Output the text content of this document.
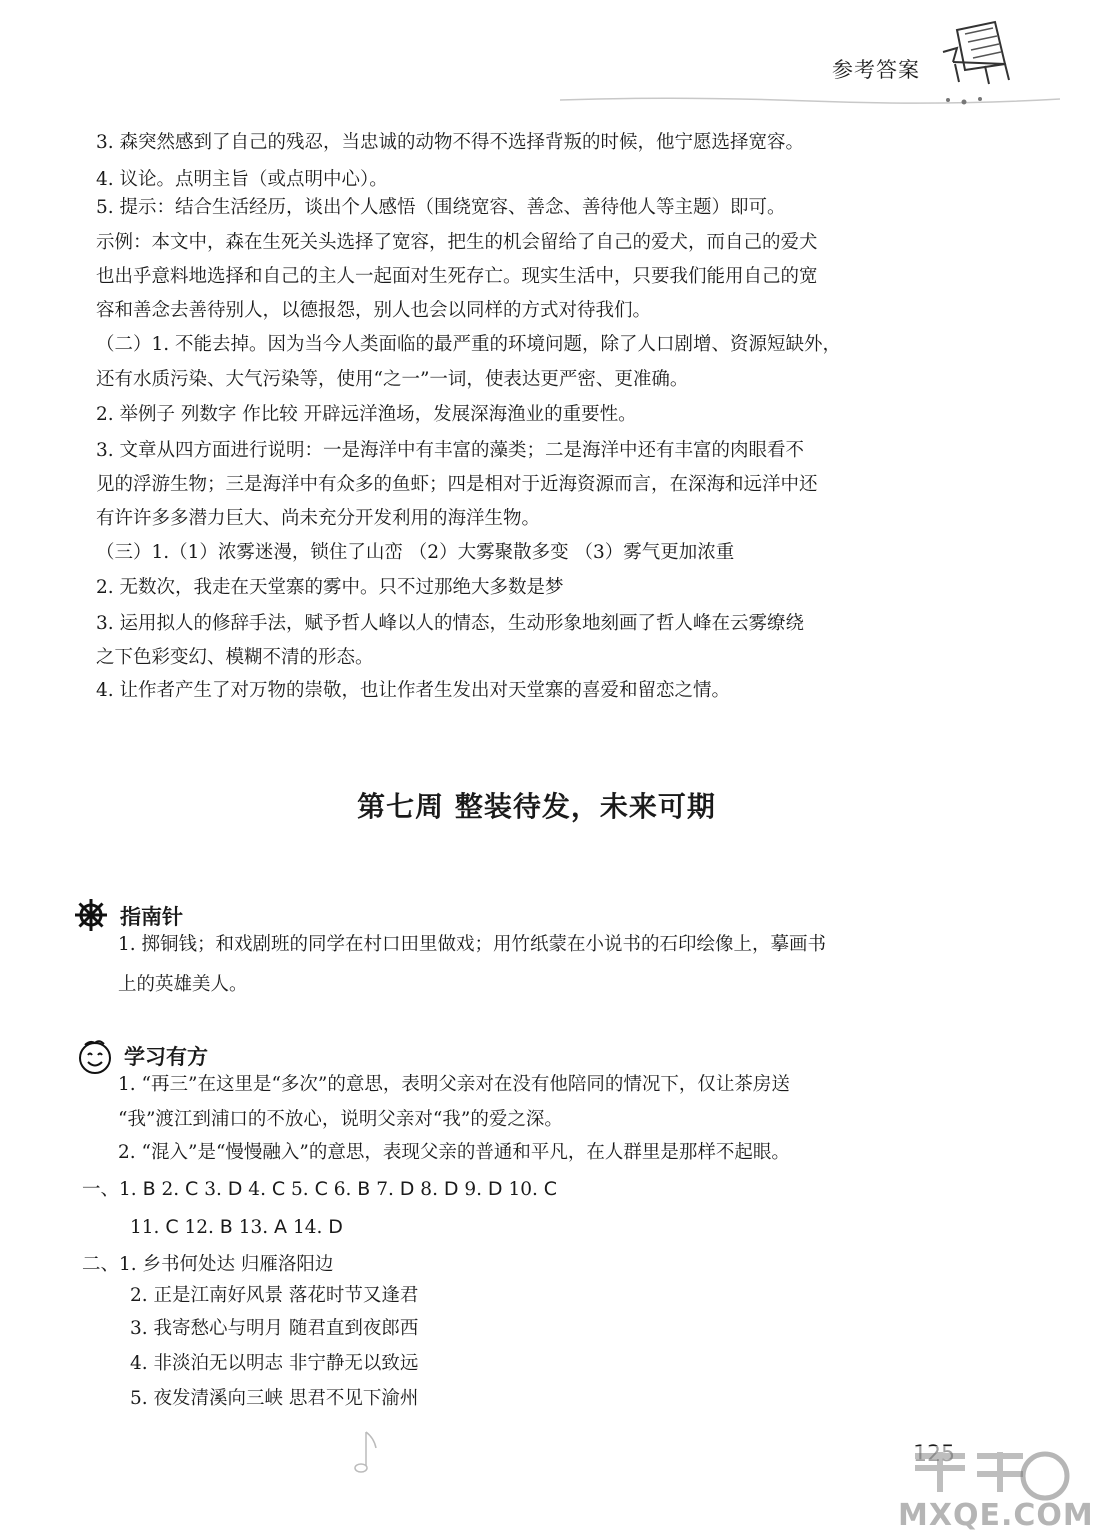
参考答案
3. 森突然感到了自己的残忍，当忠诚的动物不得不选择背叛的时候，他宁愿选择宽容。
4. 议论。点明主旨（或点明中心）。
5. 提示：结合生活经历，谈出个人感悟（围绕宽容、善念、善待他人等主题）即可。
示例：本文中，森在生死关头选择了宽容，把生的机会留给了自己的爱犬，而自己的爱犬
也出乎意料地选择和自己的主人一起面对生死存亡。现实生活中，只要我们能用自己的宽
容和善念去善待别人，以德报怨，别人也会以同样的方式对待我们。
（二）1. 不能去掉。因为当今人类面临的最严重的环境问题，除了人口剧增、资源短缺外，
还有水质污染、大气污染等，使用“之一”一词，使表达更严密、更准确。
2. 举例子 列数字 作比较 开辟远洋渔场，发展深海渔业的重要性。
3. 文章从四方面进行说明：一是海洋中有丰富的藻类；二是海洋中还有丰富的肉眼看不
见的浮游生物；三是海洋中有众多的鱼虾；四是相对于近海资源而言，在深海和远洋中还
有许许多多潜力巨大、尚未充分开发利用的海洋生物。
（三）1.（1）浓雾迷漫，锁住了山峦 （2）大雾聚散多变 （3）雾气更加浓重
2. 无数次，我走在天堂寨的雾中。只不过那绝大多数是梦
3. 运用拟人的修辞手法，赋予哲人峰以人的情态，生动形象地刻画了哲人峰在云雾缭绕
之下色彩变幻、模糊不清的形态。
4. 让作者产生了对万物的崇敬，也让作者生发出对天堂寨的喜爱和留恋之情。
第七周 整装待发，未来可期
指南针
1. 掷铜钱；和戏剧班的同学在村口田里做戏；用竹纸蒙在小说书的石印绘像上，摹画书
上的英雄美人。
学习有方
1. “再三”在这里是“多次”的意思，表明父亲对在没有他陪同的情况下，仅让茶房送
“我”渡江到浦口的不放心，说明父亲对“我”的爱之深。
2. “混入”是“慢慢融入”的意思，表现父亲的普通和平凡，在人群里是那样不起眼。
一、1. B 2. C 3. D 4. C 5. C 6. B 7. D 8. D 9. D 10. C
11. C 12. B 13. A 14. D
二、1. 乡书何处达 归雁洛阳边
2. 正是江南好风景 落花时节又逢君
3. 我寄愁心与明月 随君直到夜郎西
4. 非淡泊无以明志 非宁静无以致远
5. 夜发清溪向三峡 思君不见下渝州
MXQE.COM
